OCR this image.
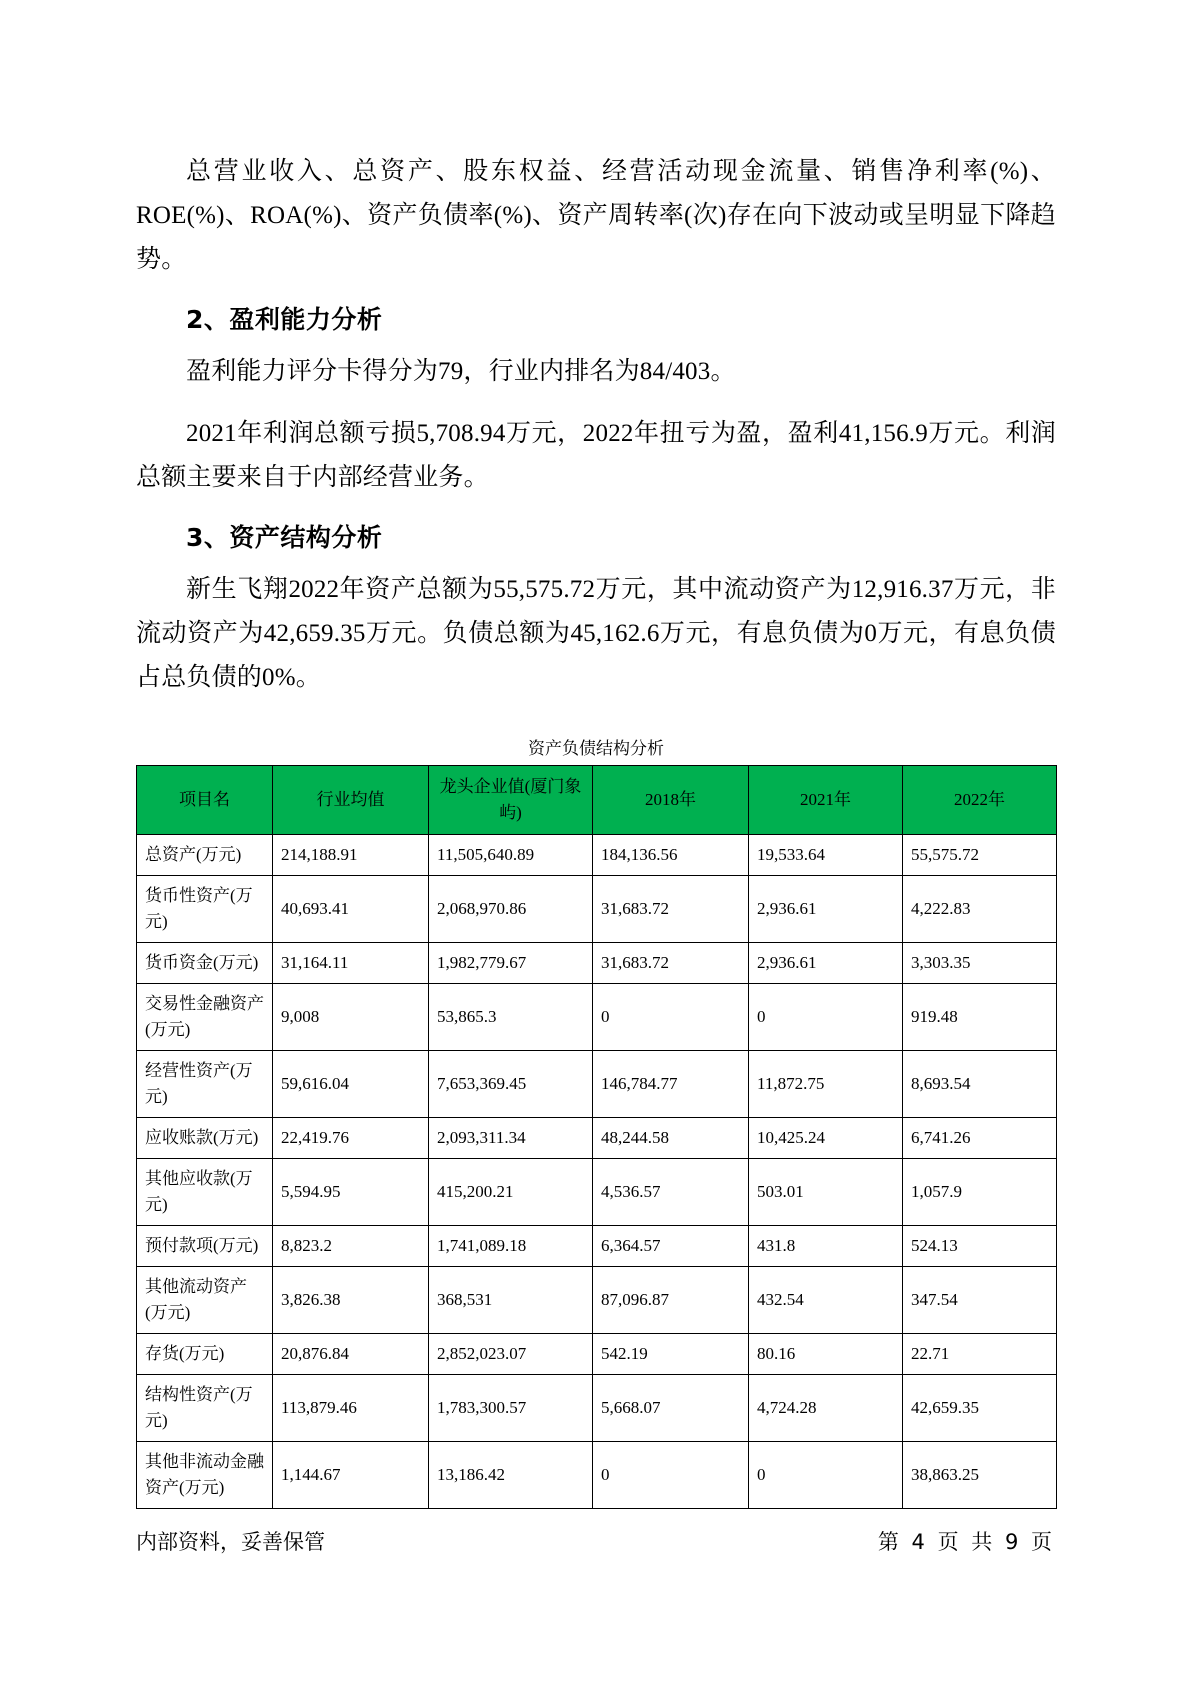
总营业收入、总资产、股东权益、经营活动现金流量、销售净利率(%)、ROE(%)、ROA(%)、资产负债率(%)、资产周转率(次)存在向下波动或呈明显下降趋势。

2、盈利能力分析

盈利能力评分卡得分为79，行业内排名为84/403。

2021年利润总额亏损5,708.94万元，2022年扭亏为盈，盈利41,156.9万元。利润总额主要来自于内部经营业务。

3、资产结构分析

新生飞翔2022年资产总额为55,575.72万元，其中流动资产为12,916.37万元，非流动资产为42,659.35万元。负债总额为45,162.6万元，有息负债为0万元，有息负债占总负债的0%。

资产负债结构分析
项目名	行业均值	龙头企业值(厦门象屿)	2018年	2021年	2022年
总资产(万元)	214,188.91	11,505,640.89	184,136.56	19,533.64	55,575.72
货币性资产(万元)	40,693.41	2,068,970.86	31,683.72	2,936.61	4,222.83
货币资金(万元)	31,164.11	1,982,779.67	31,683.72	2,936.61	3,303.35
交易性金融资产(万元)	9,008	53,865.3	0	0	919.48
经营性资产(万元)	59,616.04	7,653,369.45	146,784.77	11,872.75	8,693.54
应收账款(万元)	22,419.76	2,093,311.34	48,244.58	10,425.24	6,741.26
其他应收款(万元)	5,594.95	415,200.21	4,536.57	503.01	1,057.9
预付款项(万元)	8,823.2	1,741,089.18	6,364.57	431.8	524.13
其他流动资产(万元)	3,826.38	368,531	87,096.87	432.54	347.54
存货(万元)	20,876.84	2,852,023.07	542.19	80.16	22.71
结构性资产(万元)	113,879.46	1,783,300.57	5,668.07	4,724.28	42,659.35
其他非流动金融资产(万元)	1,144.67	13,186.42	0	0	38,863.25
内部资料，妥善保管	第 4 页 共 9 页
